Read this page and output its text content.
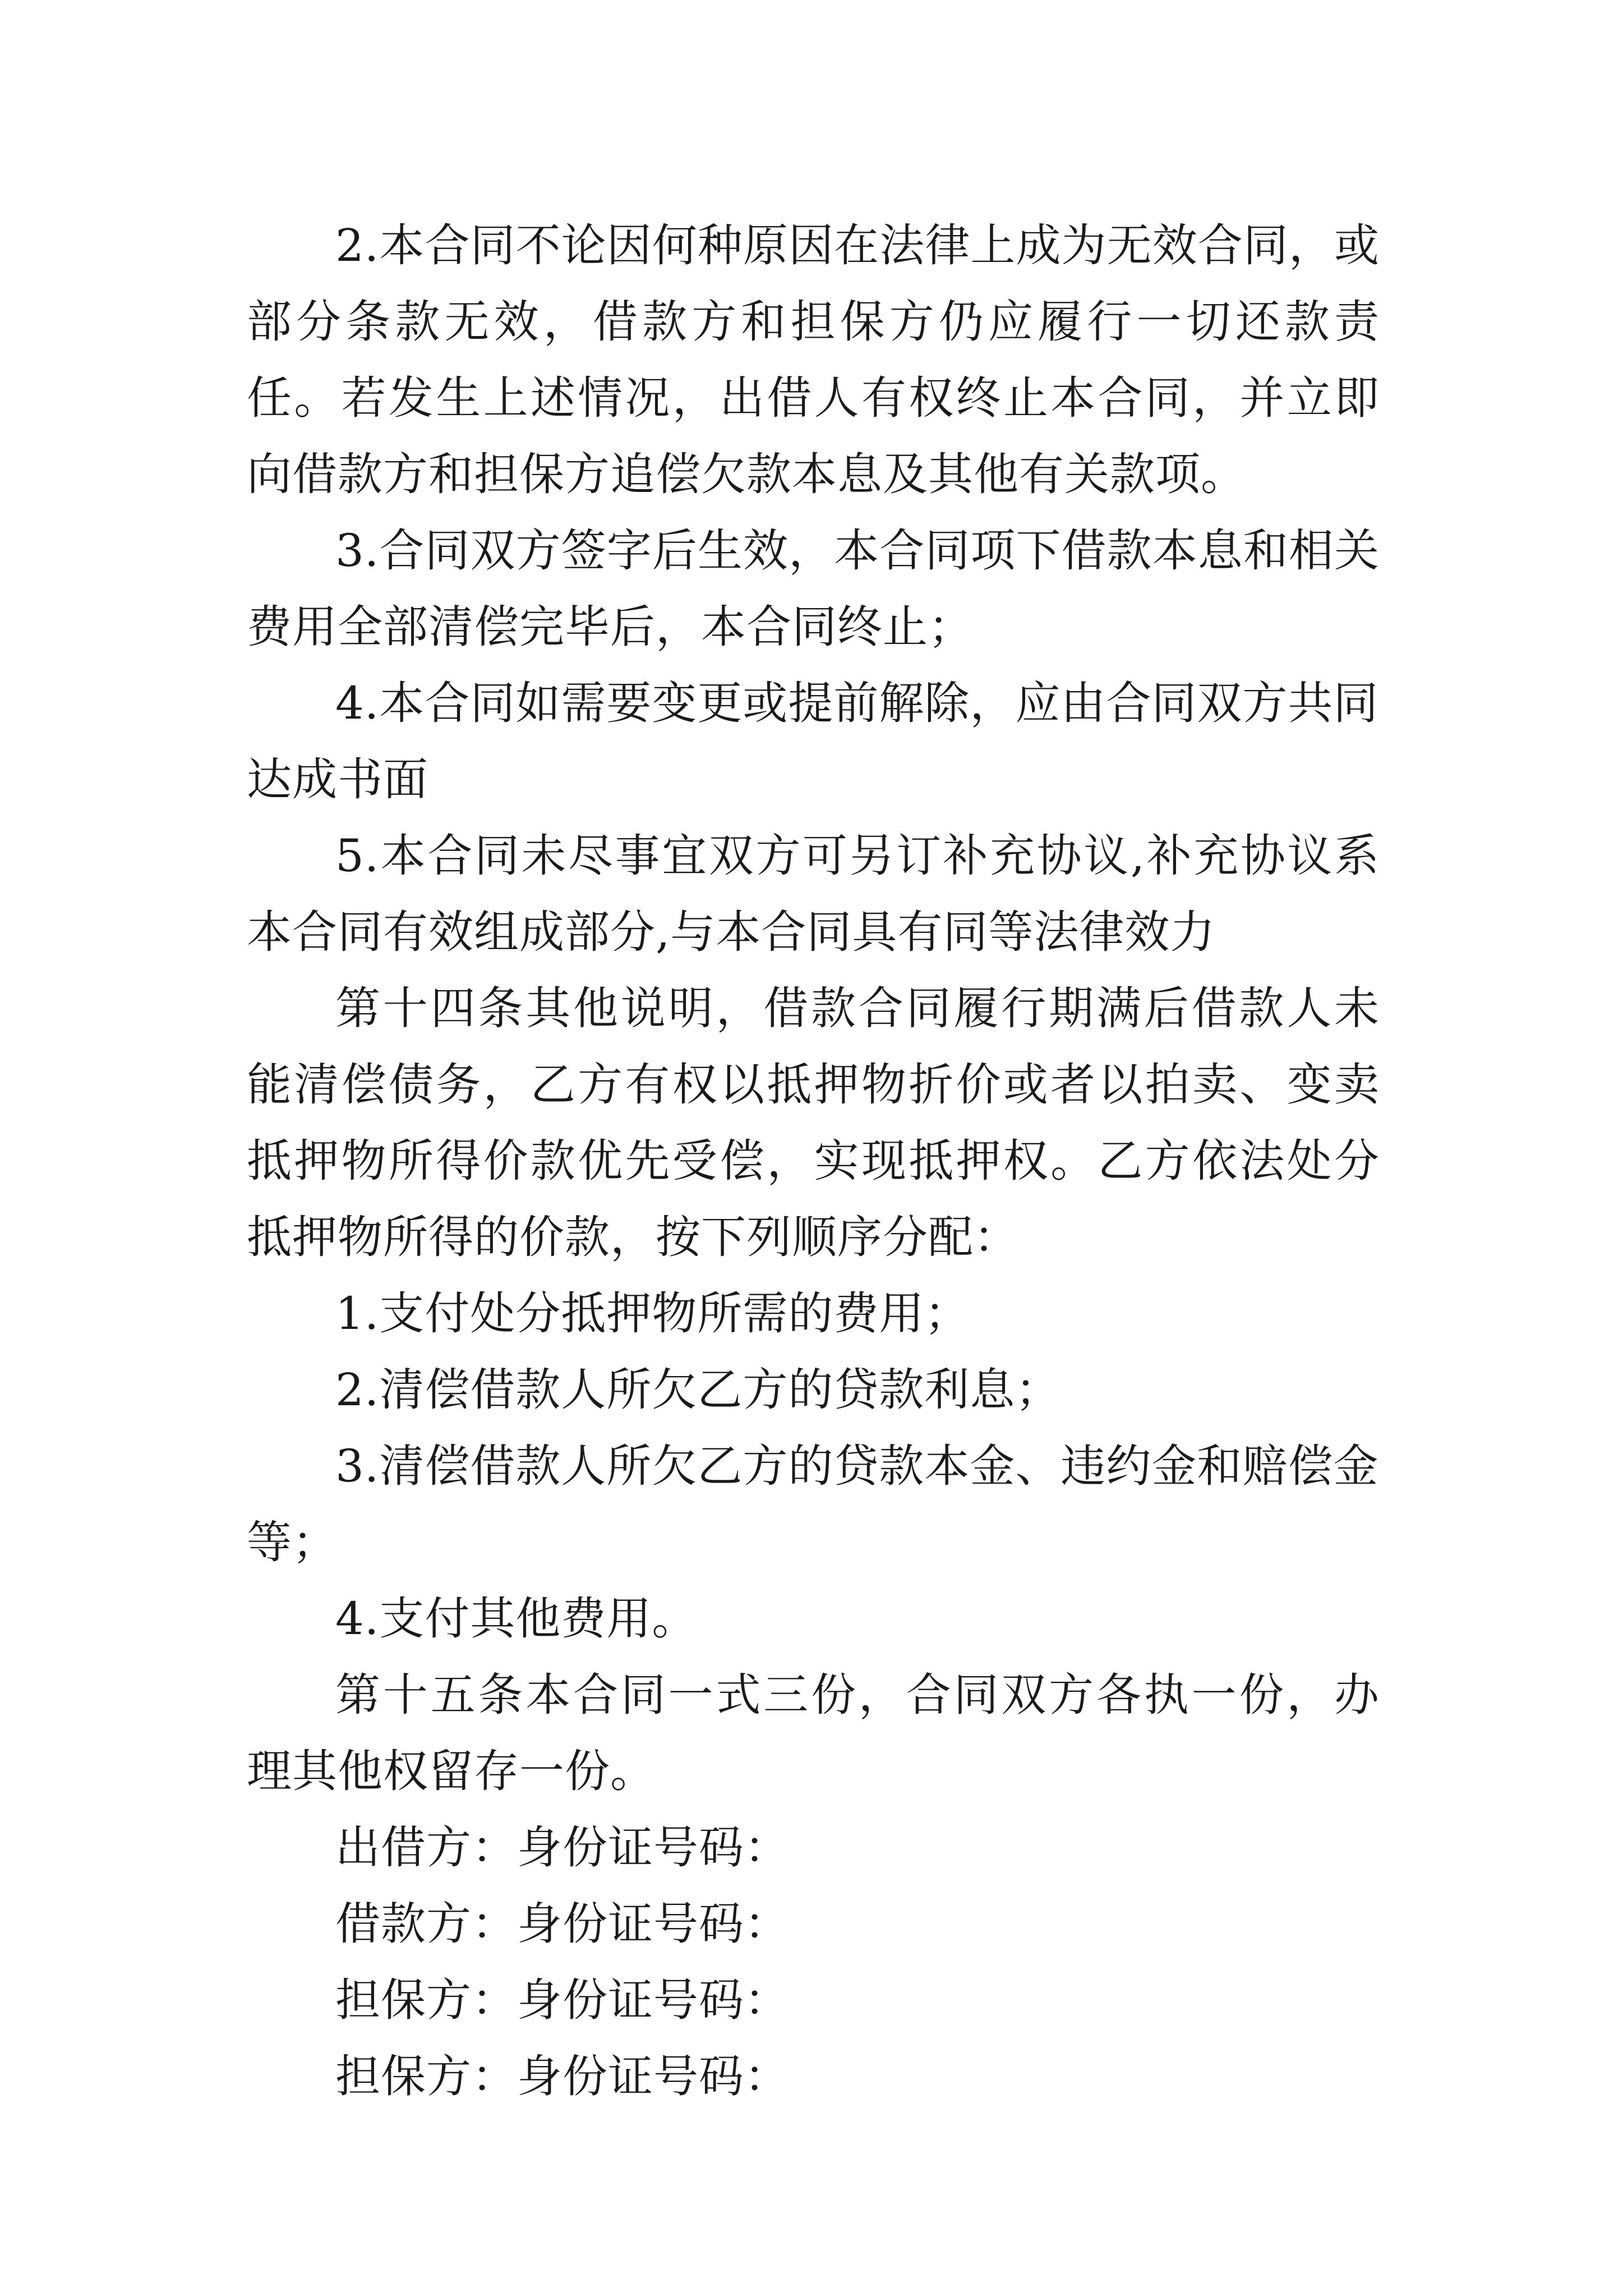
2.本合同不论因何种原因在法律上成为无效合同，或部分条款无效，借款方和担保方仍应履行一切还款责任。若发生上述情况，出借人有权终止本合同，并立即向借款方和担保方追偿欠款本息及其他有关款项。

3.合同双方签字后生效，本合同项下借款本息和相关费用全部清偿完毕后，本合同终止；

4.本合同如需要变更或提前解除，应由合同双方共同达成书面

5.本合同未尽事宜双方可另订补充协议,补充协议系本合同有效组成部分,与本合同具有同等法律效力

第十四条其他说明，借款合同履行期满后借款人未能清偿债务，乙方有权以抵押物折价或者以拍卖、变卖抵押物所得价款优先受偿，实现抵押权。乙方依法处分抵押物所得的价款，按下列顺序分配：

1.支付处分抵押物所需的费用；

2.清偿借款人所欠乙方的贷款利息；

3.清偿借款人所欠乙方的贷款本金、违约金和赔偿金等；

4.支付其他费用。

第十五条本合同一式三份，合同双方各执一份，办理其他权留存一份。

出借方：身份证号码：

借款方：身份证号码：

担保方：身份证号码：

担保方：身份证号码：
